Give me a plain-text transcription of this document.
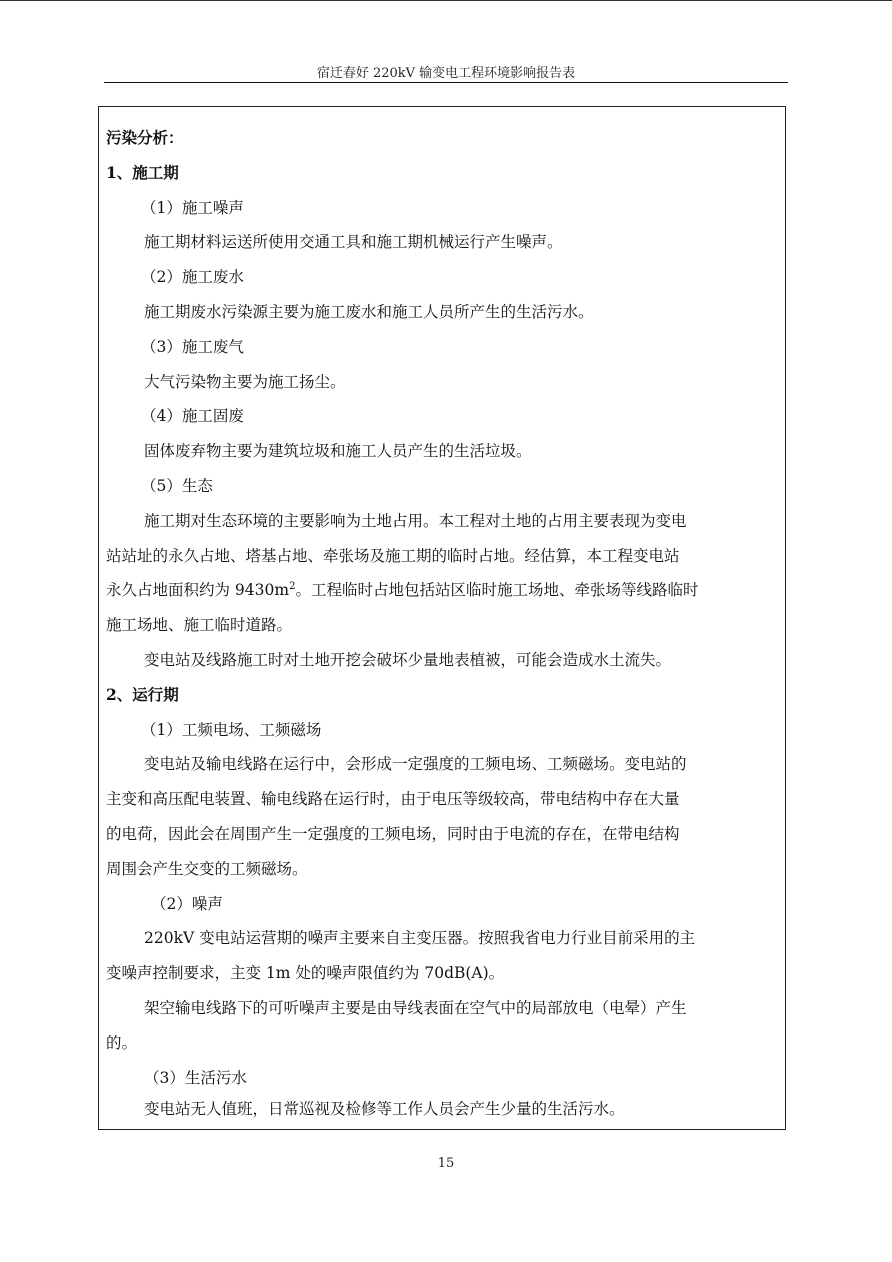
宿迁春好 220kV 输变电工程环境影响报告表

污染分析：

1、施工期

（1）施工噪声

施工期材料运送所使用交通工具和施工期机械运行产生噪声。

（2）施工废水

施工期废水污染源主要为施工废水和施工人员所产生的生活污水。

（3）施工废气

大气污染物主要为施工扬尘。

（4）施工固废

固体废弃物主要为建筑垃圾和施工人员产生的生活垃圾。

（5）生态

施工期对生态环境的主要影响为土地占用。本工程对土地的占用主要表现为变电

站站址的永久占地、塔基占地、牵张场及施工期的临时占地。经估算，本工程变电站

永久占地面积约为 $9430m^2$。工程临时占地包括站区临时施工场地、牵张场等线路临时

施工场地、施工临时道路。

变电站及线路施工时对土地开挖会破坏少量地表植被，可能会造成水土流失。

2、运行期

（1）工频电场、工频磁场

变电站及输电线路在运行中，会形成一定强度的工频电场、工频磁场。变电站的

主变和高压配电装置、输电线路在运行时，由于电压等级较高，带电结构中存在大量

的电荷，因此会在周围产生一定强度的工频电场，同时由于电流的存在，在带电结构

周围会产生交变的工频磁场。

（2）噪声

220kV 变电站运营期的噪声主要来自主变压器。按照我省电力行业目前采用的主

变噪声控制要求，主变 1m 处的噪声限值约为 70dB(A)。

架空输电线路下的可听噪声主要是由导线表面在空气中的局部放电（电晕）产生

的。

（3）生活污水

变电站无人值班，日常巡视及检修等工作人员会产生少量的生活污水。

15
